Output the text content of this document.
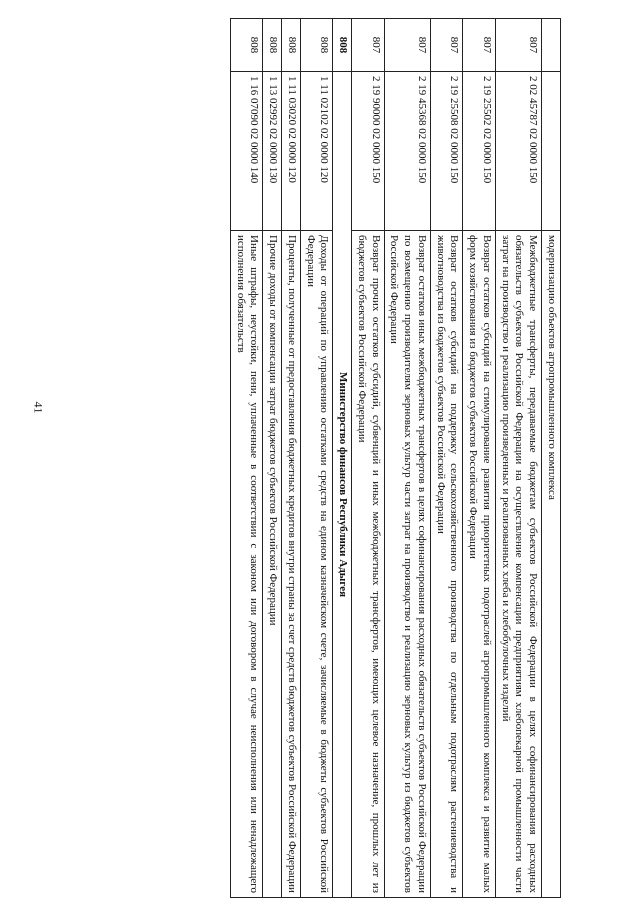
41
			модернизацию объектов агропромышленного комплекса
807	2 02 45787 02 0000 150	Межбюджетные трансферты, передаваемые бюджетам субъектов Российской Федерации в целях софинансирования расходных обязательств субъектов Российской Федерации на осуществление компенсации предприятиям хлебопекарной промышленности части затрат на производство и реализацию произведенных и реализованных хлеба и хлебобулочных изделий
807	2 19 25502 02 0000 150	Возврат остатков субсидий на стимулирование развития приоритетных подотраслей агропромышленного комплекса и развитие малых форм хозяйствования из бюджетов субъектов Российской Федерации
807	2 19 25508 02 0000 150	Возврат остатков субсидий на поддержку сельскохозяйственного производства по отдельным подотраслям растениеводства и животноводства из бюджетов субъектов Российской Федерации
807	2 19 45368 02 0000 150	Возврат остатков иных межбюджетных трансфертов в целях софинансирования расходных обязательств субъектов Российской Федерации по возмещению производителям зерновых культур части затрат на производство и реализацию зерновых культур из бюджетов субъектов Российской Федерации
807	2 19 90000 02 0000 150	Возврат прочих остатков субсидий, субвенций и иных межбюджетных трансфертов, имеющих целевое назначение, прошлых лет из бюджетов субъектов Российской Федерации
808	Министерство финансов Республики Адыгея	
808	1 11 02102 02 0000 120	Доходы от операций по управлению остатками средств на едином казначейском счете, зачисляемые в бюджеты субъектов Российской Федерации
808	1 11 03020 02 0000 120	Проценты, полученные от предоставления бюджетных кредитов внутри страны за счет средств бюджетов субъектов Российской Федерации
808	1 13 02992 02 0000 130	Прочие доходы от компенсации затрат бюджетов субъектов Российской Федерации
808	1 16 07090 02 0000 140	Иные штрафы, неустойки, пени, уплаченные в соответствии с законом или договором в случае неисполнения или ненадлежащего исполнения обязательств
